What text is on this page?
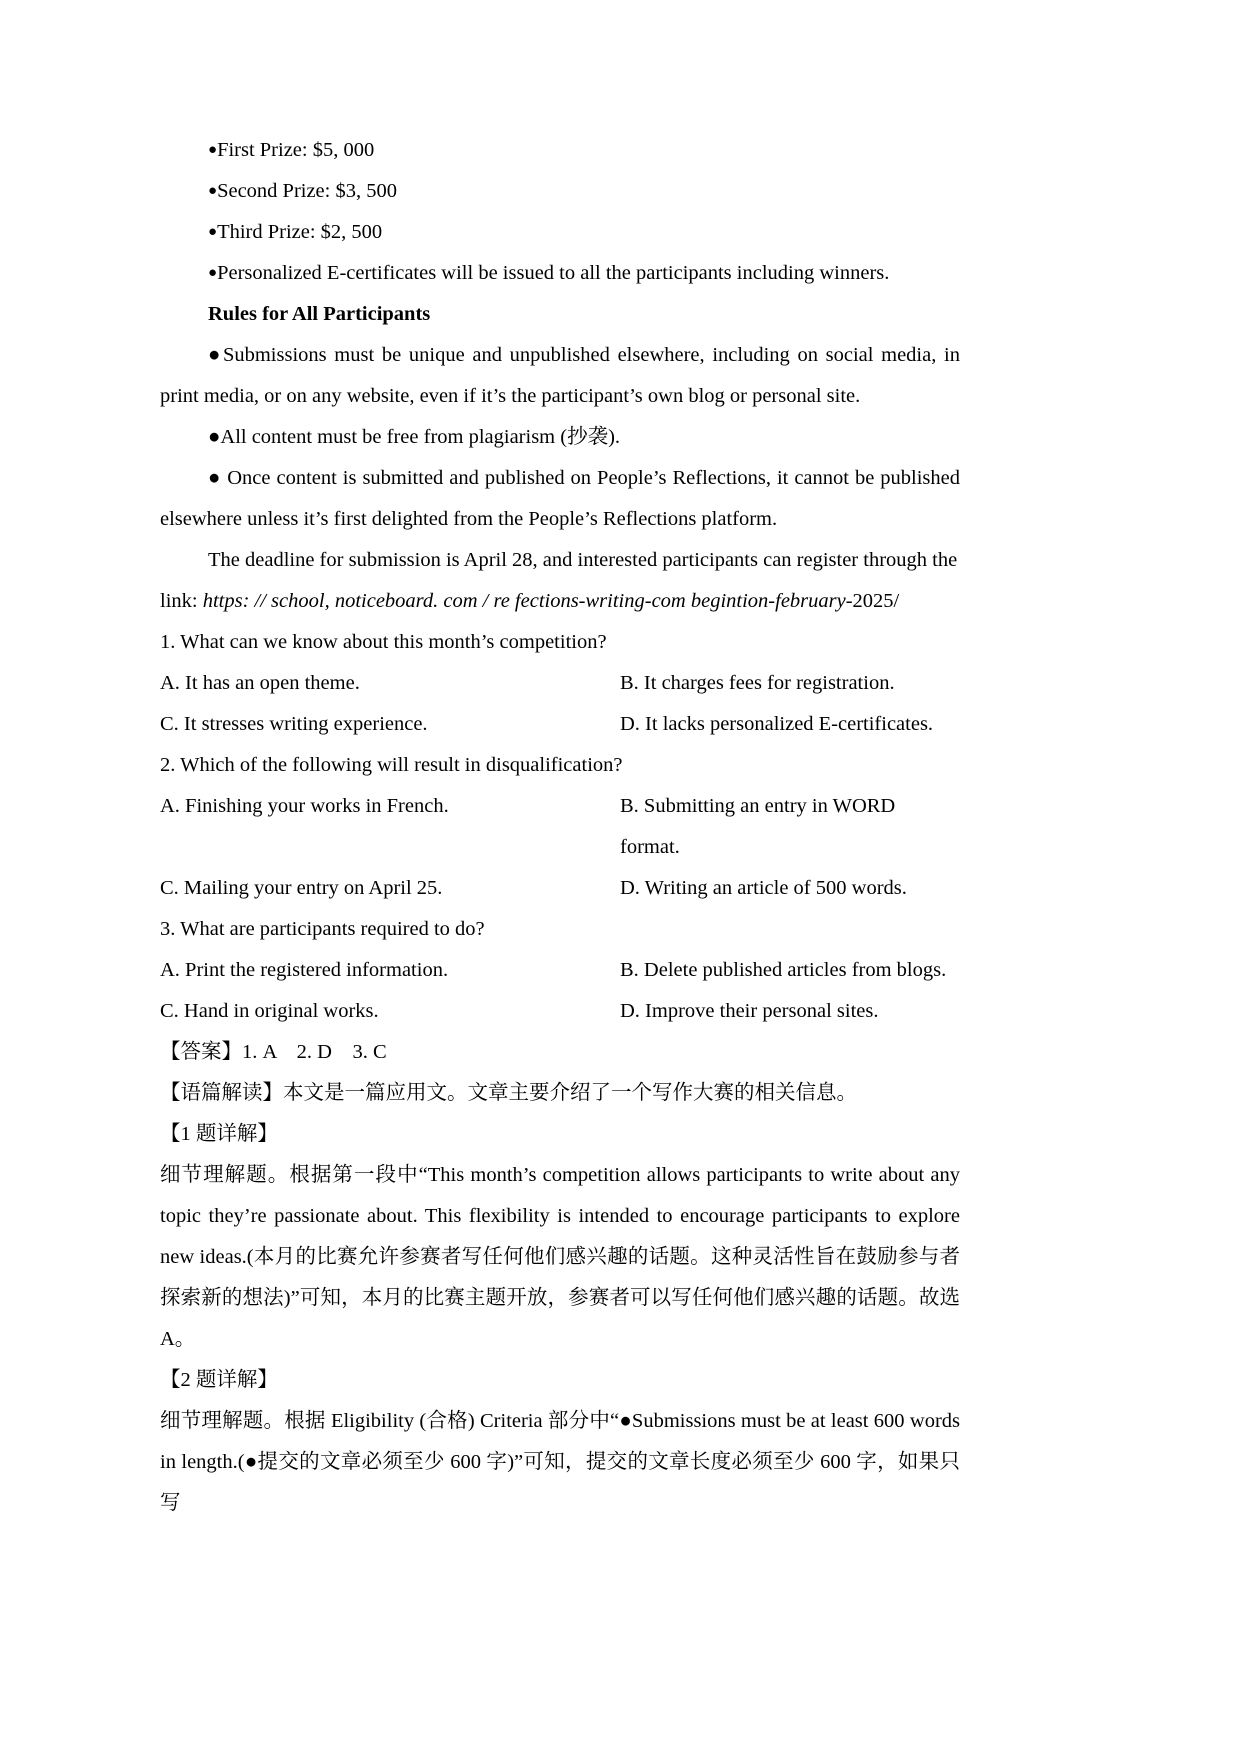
●First Prize: $5, 000

●Second Prize: $3, 500

●Third Prize: $2, 500

●Personalized E-certificates will be issued to all the participants including winners.

Rules for All Participants

●Submissions must be unique and unpublished elsewhere, including on social media, in print media, or on any website, even if it’s the participant’s own blog or personal site.

●All content must be free from plagiarism (抄袭).

● Once content is submitted and published on People’s Reflections, it cannot be published elsewhere unless it’s first delighted from the People’s Reflections platform.

The deadline for submission is April 28, and interested participants can register through the

link: https: // school, noticeboard. com / re fections-writing-com begintion-february-2025/

1. What can we know about this month’s competition?

A. It has an open theme.	B. It charges fees for registration.
C. It stresses writing experience.	D. It lacks personalized E-certificates.

2. Which of the following will result in disqualification?

A. Finishing your works in French.	B. Submitting an entry in WORD format.
C. Mailing your entry on April 25.	D. Writing an article of 500 words.

3. What are participants required to do?

A. Print the registered information.	B. Delete published articles from blogs.
C. Hand in original works.	D. Improve their personal sites.

【答案】1. A　2. D　3. C

【语篇解读】本文是一篇应用文。文章主要介绍了一个写作大赛的相关信息。

【1 题详解】

细节理解题。根据第一段中“This month’s competition allows participants to write about any topic they’re passionate about. This flexibility is intended to encourage participants to explore new ideas.(本月的比赛允许参赛者写任何他们感兴趣的话题。这种灵活性旨在鼓励参与者探索新的想法)”可知，本月的比赛主题开放，参赛者可以写任何他们感兴趣的话题。故选 A。

【2 题详解】

细节理解题。根据 Eligibility (合格) Criteria 部分中“●Submissions must be at least 600 words in length.(●提交的文章必须至少 600 字)”可知，提交的文章长度必须至少 600 字，如果只写
